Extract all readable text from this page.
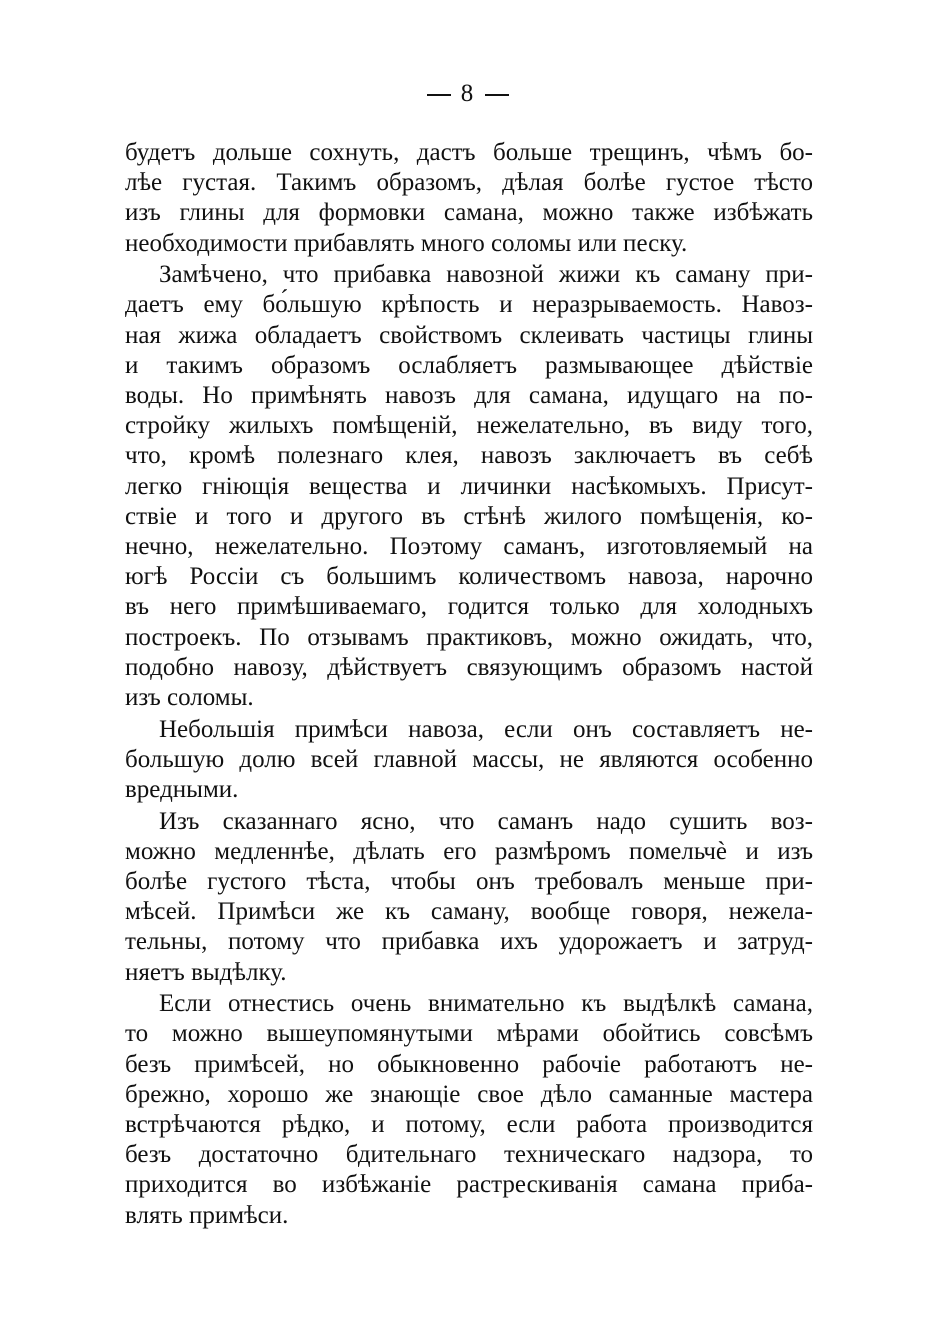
8
будетъ дольше сохнуть, дастъ больше трещинъ, чѣмъ бо-
лѣе густая. Такимъ образомъ, дѣлая болѣе густое тѣсто
изъ глины для формовки самана, можно также избѣжать
необходимости прибавлять много соломы или песку.
Замѣчено, что прибавка навозной жижи къ саману при-
даетъ ему бо́льшую крѣпость и неразрываемость. Навоз-
ная жижа обладаетъ свойствомъ склеивать частицы глины
и такимъ образомъ ослабляетъ размывающее дѣйствіе
воды. Но примѣнять навозъ для самана, идущаго на по-
стройку жилыхъ помѣщеній, нежелательно, въ виду того,
что, кромѣ полезнаго клея, навозъ заключаетъ въ себѣ
легко гніющія вещества и личинки насѣкомыхъ. Присут-
ствіе и того и другого въ стѣнѣ жилого помѣщенія, ко-
нечно, нежелательно. Поэтому саманъ, изготовляемый на
югѣ Россіи съ большимъ количествомъ навоза, нарочно
въ него примѣшиваемаго, годится только для холодныхъ
построекъ. По отзывамъ практиковъ, можно ожидать, что,
подобно навозу, дѣйствуетъ связующимъ образомъ настой
изъ соломы.
Небольшія примѣси навоза, если онъ составляетъ не-
большую долю всей главной массы, не являются особенно
вредными.
Изъ сказаннаго ясно, что саманъ надо сушить воз-
можно медленнѣе, дѣлать его размѣромъ помельчѐ и изъ
болѣе густого тѣста, чтобы онъ требовалъ меньше при-
мѣсей. Примѣси же къ саману, вообще говоря, нежела-
тельны, потому что прибавка ихъ удорожаетъ и затруд-
няетъ выдѣлку.
Если отнестись очень внимательно къ выдѣлкѣ самана,
то можно вышеупомянутыми мѣрами обойтись совсѣмъ
безъ примѣсей, но обыкновенно рабочіе работаютъ не-
брежно, хорошо же знающіе свое дѣло саманные мастера
встрѣчаются рѣдко, и потому, если работа производится
безъ достаточно бдительнаго техническаго надзора, то
приходится во избѣжаніе растрескиванія самана приба-
влять примѣси.
